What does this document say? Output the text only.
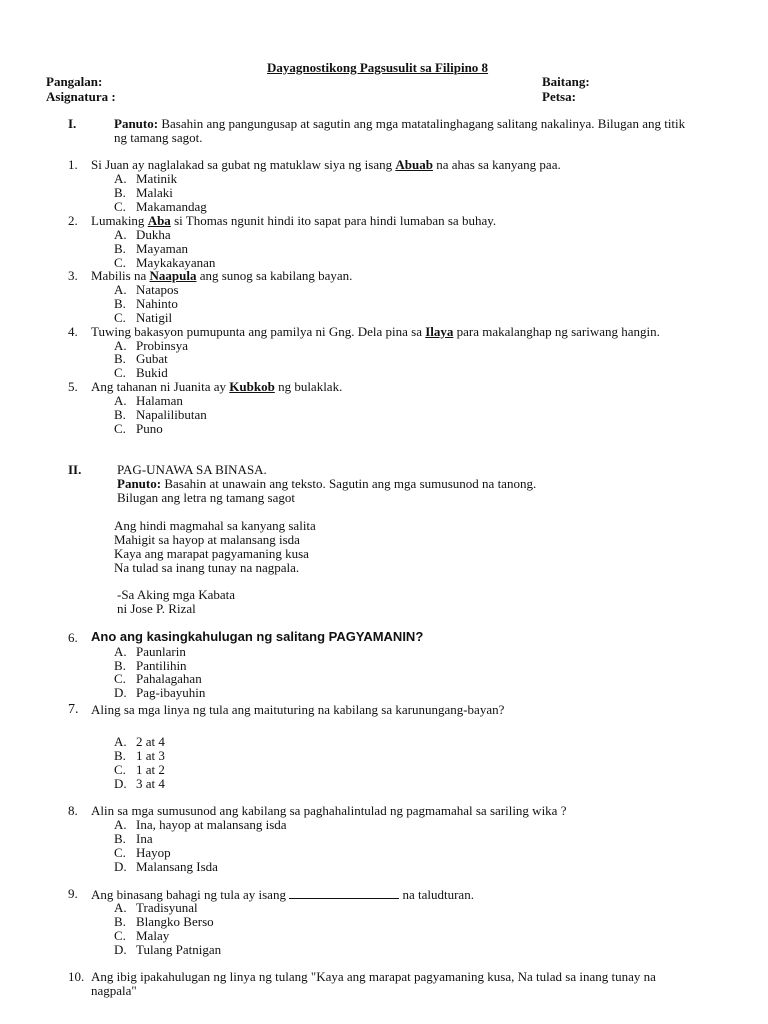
Dayagnostikong Pagsusulit sa Filipino 8
Pangalan:	Baitang:
Asignatura :	Petsa:
I.	Panuto: Basahin ang pangungusap at sagutin ang mga matatalinghagang salitang nakalinya. Bilugan ang titik
ng tamang sagot.
1. Si Juan ay naglalakad sa gubat ng matuklaw siya ng isang Abuab na ahas sa kanyang paa.
A. Matinik
B. Malaki
C. Makamandag
2. Lumaking Aba si Thomas ngunit hindi ito sapat para hindi lumaban sa buhay.
A. Dukha
B. Mayaman
C. Maykakayanan
3. Mabilis na Naapula ang sunog sa kabilang bayan.
A. Natapos
B. Nahinto
C. Natigil
4. Tuwing bakasyon pumupunta ang pamilya ni Gng. Dela pina sa Ilaya para makalanghap ng sariwang hangin.
A. Probinsya
B. Gubat
C. Bukid
5. Ang tahanan ni Juanita ay Kubkob ng bulaklak.
A. Halaman
B. Napalilibutan
C. Puno
II.	PAG-UNAWA SA BINASA.
Panuto: Basahin at unawain ang teksto. Sagutin ang mga sumusunod na tanong.
Bilugan ang letra ng tamang sagot
Ang hindi magmahal sa kanyang salita
Mahigit sa hayop at malansang isda
Kaya ang marapat pagyamaning kusa
Na tulad sa inang tunay na nagpala.
-Sa Aking mga Kabata
ni Jose P. Rizal
6. Ano ang kasingkahulugan ng salitang PAGYAMANIN?
A. Paunlarin
B. Pantilihin
C. Pahalagahan
D. Pag-ibayuhin
7. Aling sa mga linya ng tula ang maituturing na kabilang sa karunungang-bayan?
A. 2 at 4
B. 1 at 3
C. 1 at 2
D. 3 at 4
8. Alin sa mga sumusunod ang kabilang sa paghahalintulad ng pagmamahal sa sariling wika ?
A. Ina, hayop at malansang isda
B. Ina
C. Hayop
D. Malansang Isda
9. Ang binasang bahagi ng tula ay isang	na taludturan.
A. Tradisyunal
B. Blangko Berso
C. Malay
D. Tulang Patnigan
10. Ang ibig ipakahulugan ng linya ng tulang "Kaya ang marapat pagyamaning kusa, Na tulad sa inang tunay na
nagpala"
